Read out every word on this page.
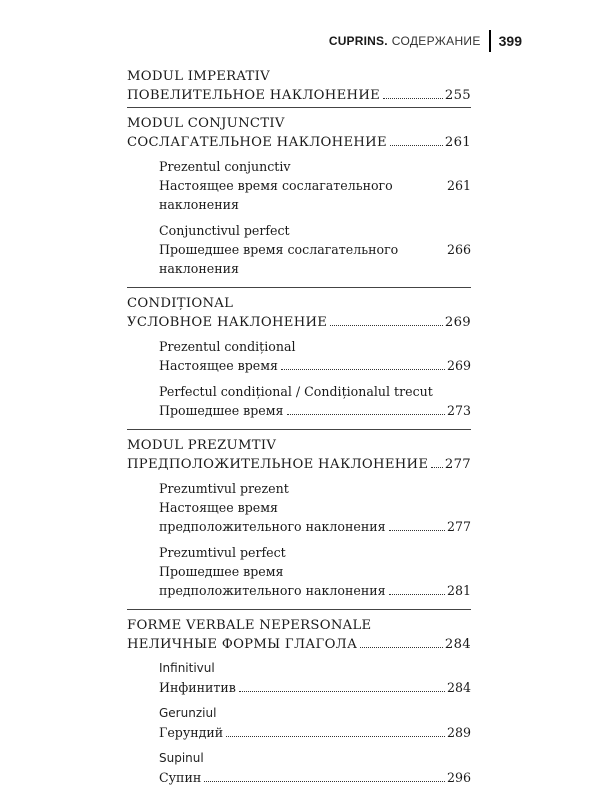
CUPRINS. СОДЕРЖАНИЕ 399
MODUL IMPERATIV
ПОВЕЛИТЕЛЬНОЕ НАКЛОНЕНИЕ	255
MODUL CONJUNCTIV
СОСЛАГАТЕЛЬНОЕ НАКЛОНЕНИЕ	261
Prezentul conjunctiv
Настоящее время сослагательного наклонения
261
Conjunctivul perfect
Прошедшее время сослагательного наклонения
266
CONDIȚIONAL
УСЛОВНОЕ НАКЛОНЕНИЕ	269
Prezentul condițional
Настоящее время	269
Perfectul condițional / Condiționalul trecut
Прошедшее время	273
MODUL PREZUMTIV
ПРЕДПОЛОЖИТЕЛЬНОЕ НАКЛОНЕНИЕ 277
Prezumtivul prezent
Настоящее время
предположительного наклонения	277
Prezumtivul perfect
Прошедшее время
предположительного наклонения	281
FORME VERBALE NEPERSONALE
НЕЛИЧНЫЕ ФОРМЫ ГЛАГОЛА	284
Infinitivul
Инфинитив	284
Gerunziul
Герундий	289
Supinul
Супин	296
